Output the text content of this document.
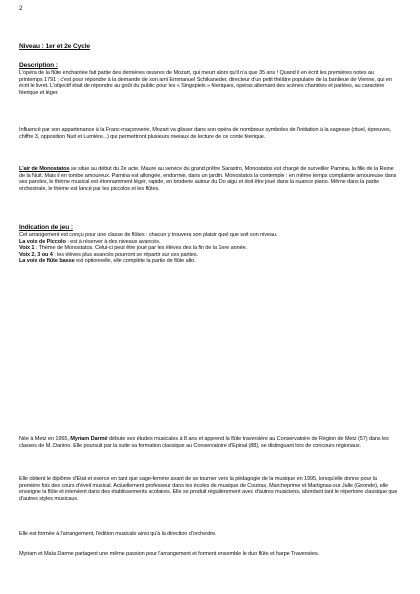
2

Niveau : 1er et 2e Cycle

Description :

L'opéra de la flûte enchantée fait partie des dernières œuvres de Mozart, qui meurt alors qu'il n'a que 35 ans ! Quand il en écrit les premières notes au printemps 1791 ; c'est pour répondre à la demande de son ami Emmanuel Schikaneder, directeur d'un petit théâtre populaire de la banlieue de Vienne, qui en écrit le livret. L'objectif était de répondre au goût du public pour les « Singspiels » féeriques, opéras alternant des scènes chantées et parlées, au caractère féerique et léger.

Influencé par son appartenance à la Franc-maçonnerie, Mozart va glisser dans son opéra de nombreux symboles de l'initiation à la sagesse (rituel, épreuves, chiffre 3, opposition Nuit et Lumière...) qui permettront plusieurs niveaux de lecture de ce conte féerique.

L'air de Monostatos se situe au début du 2e acte. Maure au service du grand prêtre Sarastro, Monostatos est chargé de surveiller Pamina, la fille de la Reine de la Nuit. Mais il en tombe amoureux. Pamina est allongée, endormie, dans un jardin. Monostatos la contemple : en même temps complainte amoureuse dans ses paroles, le thème musical est étonnamment léger, rapide, en broderie autour du Do aigu et doit être joué dans la nuance piano. Même dans la partie orchestrale, le thème est lancé par les piccolos et les flûtes.

Indication de jeu :

Cet arrangement est conçu pour une classe de flûtes : chacun y trouvera son plaisir quel que soit son niveau.

La voix de Piccolo : est à réserver à des niveaux avancés.

Voix 1 : Thème de Monostatos. Celui-ci peut être joué par les élèves des la fin de la 1ere année.

Voix 2, 3 ou 4 : les élèves plus avancés pourront se répartir sur ces parties.

La voix de flûte basse est optionnelle, elle complète la partie de flûte alto.

Née à Metz en 1965, Myriam Darmé débute ses études musicales à 8 ans et apprend la flûte traversière au Conservatoire de Région de Metz (57) dans les classes de M. Danino. Elle poursuit par la suite sa formation classique au Conservatoire d'Epinal (88), se distinguant lors de concours régionaux.

Elle obtient le diplôme d'Etat et exerce en tant que sage-femme avant de se tourner vers la pédagogie de la musique en 1995, lorsqu'elle donne pour la première fois des cours d'éveil musical. Actuellement professeur dans les écoles de musique de Coutras, Marcheprime et Martignas-sur Jalle (Gironde), elle enseigne la flûte et intervient dans des établissements scolaires. Elle se produit régulièrement avec d'autres musiciens, abordant tant le répertoire classique que d'autres styles musicaux.

Elle est formée à l'arrangement, l'édition musicale ainsi qu'à la direction d'orchestre.

Myriam et Maïa Darme partagent une même passion pour l'arrangement et forment ensemble le duo flûte et harpe Traversées.
